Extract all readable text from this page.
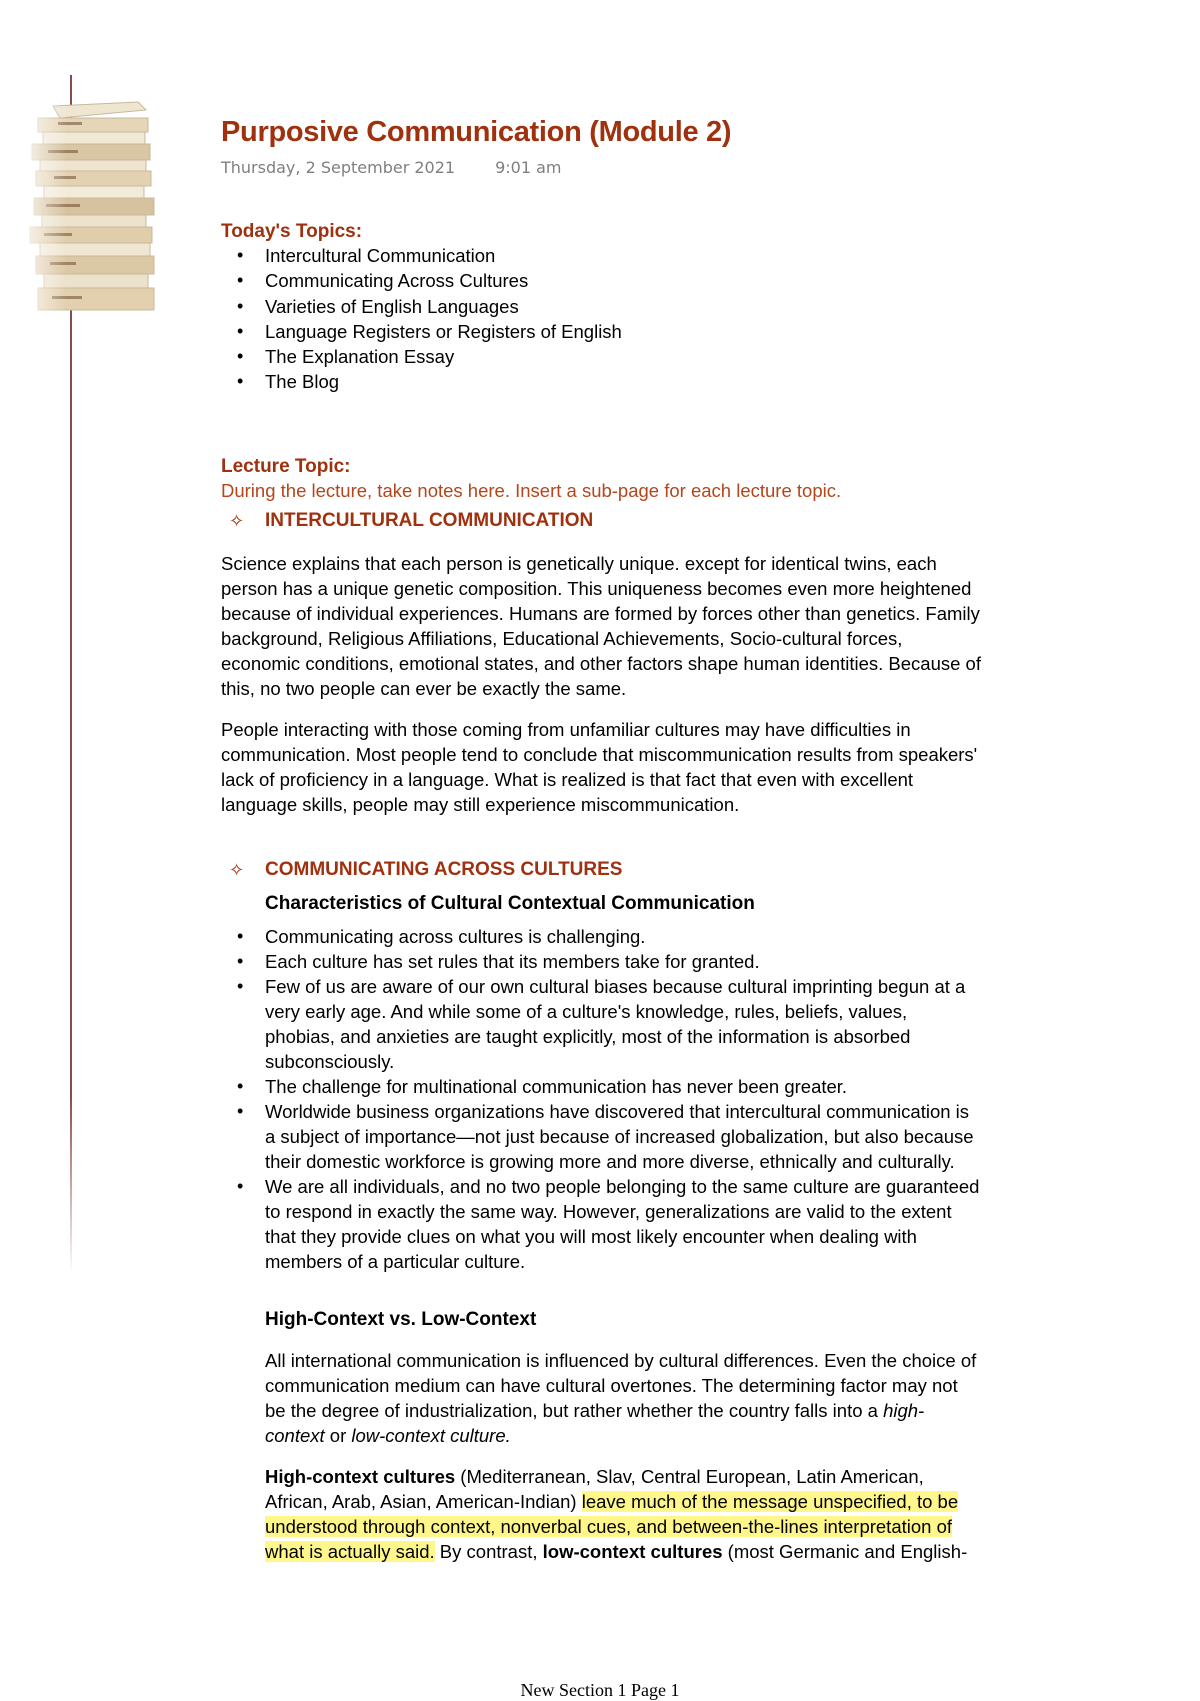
Purposive Communication (Module 2)
Thursday, 2 September 2021	9:01 am
Today's Topics:
• Intercultural Communication
• Communicating Across Cultures
• Varieties of English Languages
• Language Registers or Registers of English
• The Explanation Essay
• The Blog
Lecture Topic:
During the lecture, take notes here. Insert a sub-page for each lecture topic.
✧ INTERCULTURAL COMMUNICATION

Science explains that each person is genetically unique. except for identical twins, each person has a unique genetic composition. This uniqueness becomes even more heightened because of individual experiences. Humans are formed by forces other than genetics. Family background, Religious Affiliations, Educational Achievements, Socio-cultural forces, economic conditions, emotional states, and other factors shape human identities. Because of this, no two people can ever be exactly the same.

People interacting with those coming from unfamiliar cultures may have difficulties in communication. Most people tend to conclude that miscommunication results from speakers' lack of proficiency in a language. What is realized is that fact that even with excellent language skills, people may still experience miscommunication.

✧ COMMUNICATING ACROSS CULTURES
Characteristics of Cultural Contextual Communication
• Communicating across cultures is challenging.
• Each culture has set rules that its members take for granted.
• Few of us are aware of our own cultural biases because cultural imprinting begun at a very early age. And while some of a culture's knowledge, rules, beliefs, values, phobias, and anxieties are taught explicitly, most of the information is absorbed subconsciously.
• The challenge for multinational communication has never been greater.
• Worldwide business organizations have discovered that intercultural communication is a subject of importance—not just because of increased globalization, but also because their domestic workforce is growing more and more diverse, ethnically and culturally.
• We are all individuals, and no two people belonging to the same culture are guaranteed to respond in exactly the same way. However, generalizations are valid to the extent that they provide clues on what you will most likely encounter when dealing with members of a particular culture.
High-Context vs. Low-Context

All international communication is influenced by cultural differences. Even the choice of communication medium can have cultural overtones. The determining factor may not be the degree of industrialization, but rather whether the country falls into a high-context or low-context culture.

High-context cultures (Mediterranean, Slav, Central European, Latin American, African, Arab, Asian, American-Indian) leave much of the message unspecified, to be understood through context, nonverbal cues, and between-the-lines interpretation of what is actually said. By contrast, low-context cultures (most Germanic and English-

New Section 1 Page 1
